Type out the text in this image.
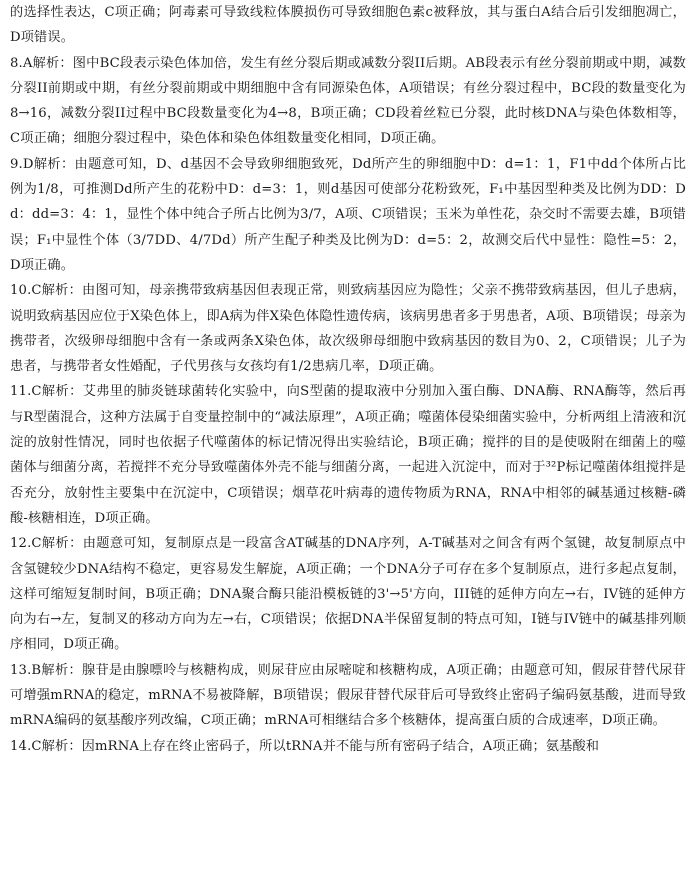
的选择性表达，C项正确；阿毒素可导致线粒体膜损伤可导致细胞色素c被释放，其与蛋白A结合后引发细胞凋亡，D项错误。

8.A解析：图中BC段表示染色体加倍，发生有丝分裂后期或减数分裂II后期。AB段表示有丝分裂前期或中期，减数分裂II前期或中期，有丝分裂前期或中期细胞中含有同源染色体，A项错误；有丝分裂过程中，BC段的数量变化为8→16，减数分裂II过程中BC段数量变化为4→8，B项正确；CD段着丝粒已分裂，此时核DNA与染色体数相等，C项正确；细胞分裂过程中，染色体和染色体组数量变化相同，D项正确。

9.D解析：由题意可知，D、d基因不会导致卵细胞致死，Dd所产生的卵细胞中D：d=1：1，F1中dd个体所占比例为1/8，可推测Dd所产生的花粉中D：d=3：1，则d基因可使部分花粉致死，F₁中基因型种类及比例为DD：Dd：dd=3：4：1，显性个体中纯合子所占比例为3/7，A项、C项错误；玉米为单性花，杂交时不需要去雄，B项错误；F₁中显性个体（3/7DD、4/7Dd）所产生配子种类及比例为D：d=5：2，故测交后代中显性：隐性=5：2，D项正确。

10.C解析：由图可知，母亲携带致病基因但表现正常，则致病基因应为隐性；父亲不携带致病基因，但儿子患病，说明致病基因应位于X染色体上，即A病为伴X染色体隐性遗传病，该病男患者多于男患者，A项、B项错误；母亲为携带者，次级卵母细胞中含有一条或两条X染色体，故次级卵母细胞中致病基因的数目为0、2，C项错误；儿子为患者，与携带者女性婚配，子代男孩与女孩均有1/2患病几率，D项正确。

11.C解析：艾弗里的肺炎链球菌转化实验中，向S型菌的提取液中分别加入蛋白酶、DNA酶、RNA酶等，然后再与R型菌混合，这种方法属于自变量控制中的“减法原理”，A项正确；噬菌体侵染细菌实验中，分析两组上清液和沉淀的放射性情况，同时也依据子代噬菌体的标记情况得出实验结论，B项正确；搅拌的目的是使吸附在细菌上的噬菌体与细菌分离，若搅拌不充分导致噬菌体外壳不能与细菌分离，一起进入沉淀中，而对于³²P标记噬菌体组搅拌是否充分，放射性主要集中在沉淀中，C项错误；烟草花叶病毒的遗传物质为RNA，RNA中相邻的碱基通过核糖-磷酸-核糖相连，D项正确。

12.C解析：由题意可知，复制原点是一段富含AT碱基的DNA序列，A-T碱基对之间含有两个氢键，故复制原点中含氢键较少DNA结构不稳定，更容易发生解旋，A项正确；一个DNA分子可存在多个复制原点，进行多起点复制，这样可缩短复制时间，B项正确；DNA聚合酶只能沿模板链的3'→5'方向，III链的延伸方向左→右，IV链的延伸方向为右→左，复制叉的移动方向为左→右，C项错误；依据DNA半保留复制的特点可知，I链与IV链中的碱基排列顺序相同，D项正确。

13.B解析：腺苷是由腺嘌呤与核糖构成，则尿苷应由尿嘧啶和核糖构成，A项正确；由题意可知，假尿苷替代尿苷可增强mRNA的稳定，mRNA不易被降解，B项错误；假尿苷替代尿苷后可导致终止密码子编码氨基酸，进而导致mRNA编码的氨基酸序列改编，C项正确；mRNA可相继结合多个核糖体，提高蛋白质的合成速率，D项正确。

14.C解析：因mRNA上存在终止密码子，所以tRNA并不能与所有密码子结合，A项正确；氨基酸和
